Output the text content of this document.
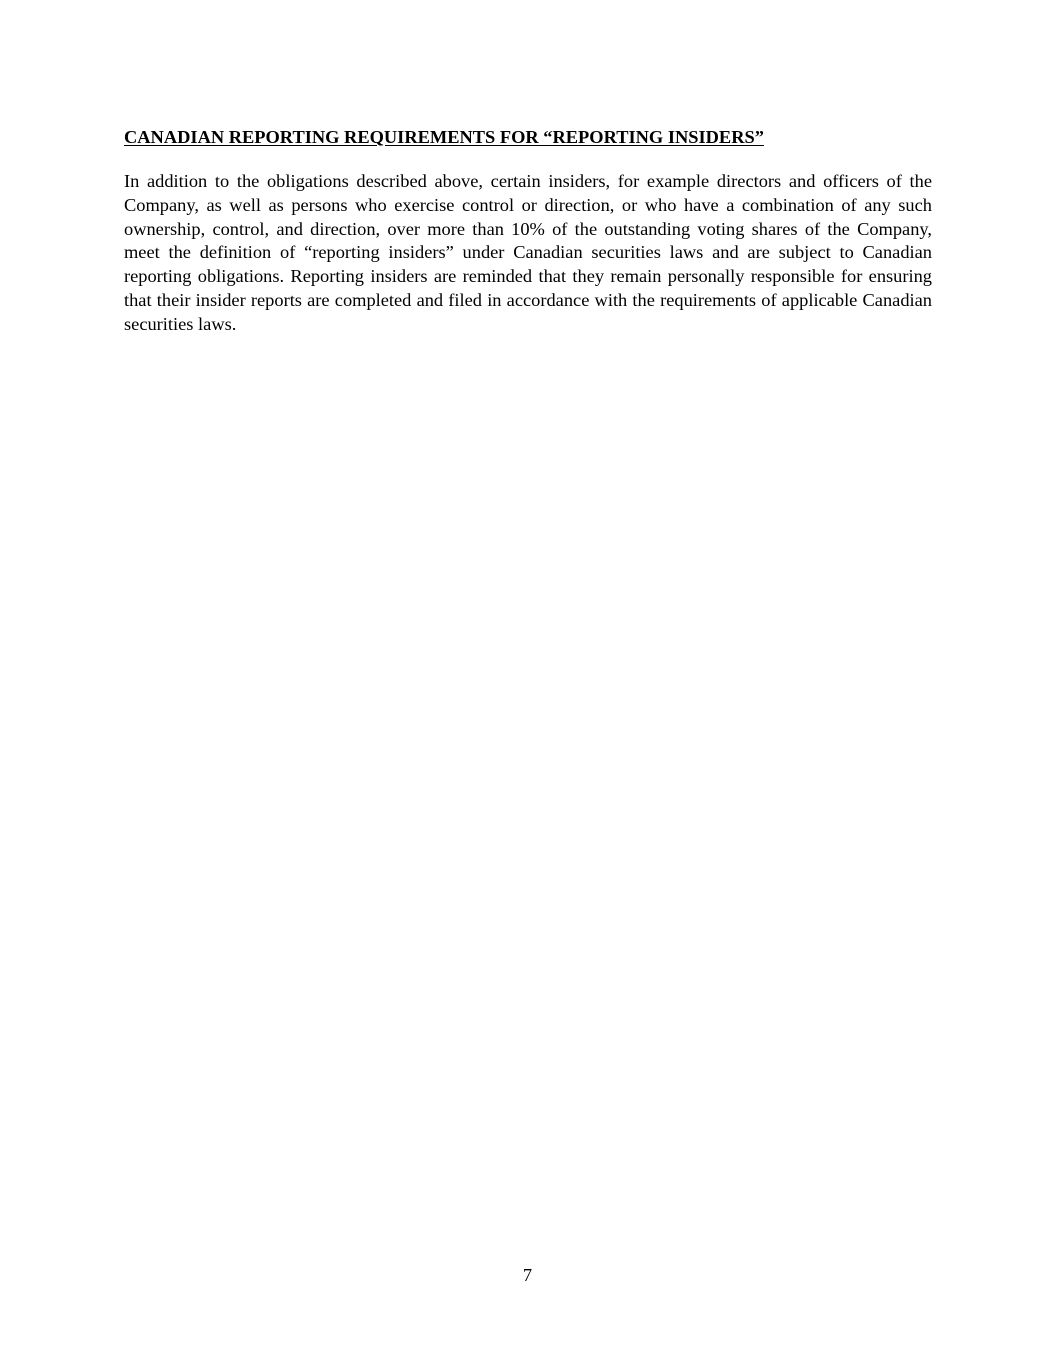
CANADIAN REPORTING REQUIREMENTS FOR “REPORTING INSIDERS”

In addition to the obligations described above, certain insiders, for example directors and officers of the Company, as well as persons who exercise control or direction, or who have a combination of any such ownership, control, and direction, over more than 10% of the outstanding voting shares of the Company, meet the definition of “reporting insiders” under Canadian securities laws and are subject to Canadian reporting obligations. Reporting insiders are reminded that they remain personally responsible for ensuring that their insider reports are completed and filed in accordance with the requirements of applicable Canadian securities laws.

7
